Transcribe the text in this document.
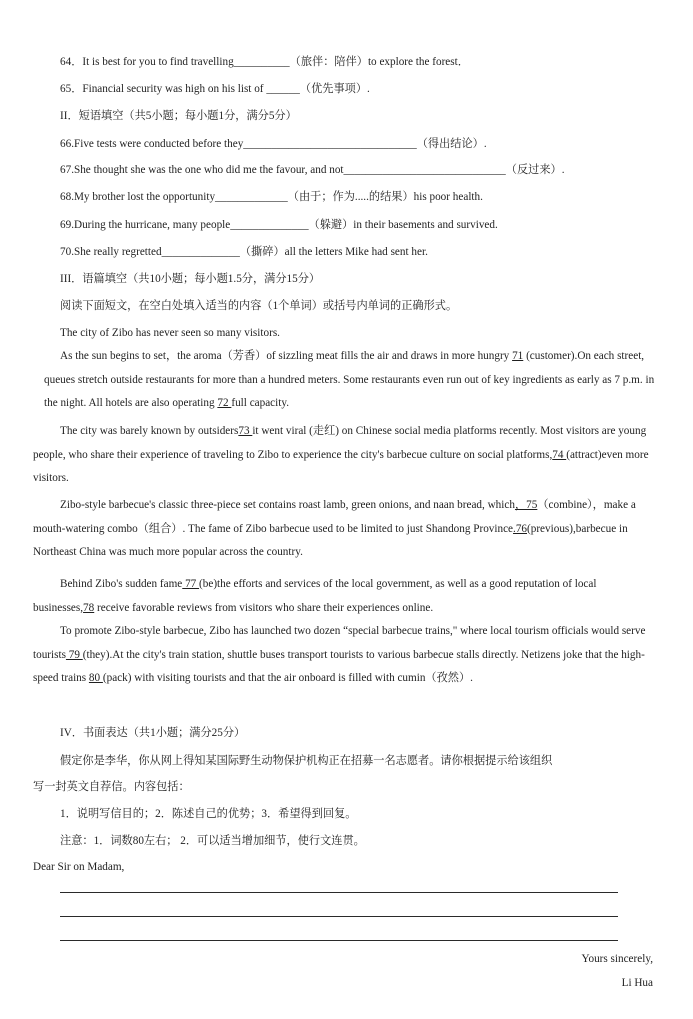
64．It is best for you to find travelling__________（旅伴：陪伴）to explore the forest．
65．Financial security was high on his list of ______（优先事项）.
II．短语填空（共5小题；每小题1分，满分5分）
66.Five tests were conducted before they_______________________________（得出结论）.
67.She thought she was the one who did me the favour, and not_____________________________（反过来）.
68.My brother lost the opportunity_____________（由于；作为.....的结果）his poor health.
69.During the hurricane, many people______________（躲避）in their basements and survived.
70.She really regretted______________（撕碎）all the letters Mike had sent her.
III．语篇填空（共10小题；每小题1.5分，满分15分）
阅读下面短文，在空白处填入适当的内容（1个单词）或括号内单词的正确形式。
The city of Zibo has never seen so many visitors.
As the sun begins to set，the aroma（芳香）of sizzling meat fills the air and draws in more hungry 71 (customer).On each street, queues stretch outside restaurants for more than a hundred meters. Some restaurants even run out of key ingredients as early as 7 p.m. in the night. All hotels are also operating 72 full capacity.
The city was barely known by outsiders73 it went viral (走红) on Chinese social media platforms recently. Most visitors are young people, who share their experience of traveling to Zibo to experience the city's barbecue culture on social platforms,74 (attract)even more visitors.
Zibo-style barbecue's classic three-piece set contains roast lamb, green onions, and naan bread, which，75（combine），make a mouth-watering combo（组合）. The fame of Zibo barbecue used to be limited to just Shandong Province.76(previous),barbecue in Northeast China was much more popular across the country.
Behind Zibo's sudden fame 77 (be)the efforts and services of the local government, as well as a good reputation of local businesses,78 receive favorable reviews from visitors who share their experiences online.
To promote Zibo-style barbecue, Zibo has launched two dozen “special barbecue trains," where local tourism officials would serve tourists 79 (they).At the city's train station, shuttle buses transport tourists to various barbecue stalls directly. Netizens joke that the high-speed trains 80 (pack) with visiting tourists and that the air onboard is filled with cumin（孜然）.
IV．书面表达（共1小题；满分25分）
假定你是李华，你从网上得知某国际野生动物保护机构正在招募一名志愿者。请你根据提示给该组织
写一封英文自荐信。内容包括：
1．说明写信目的；2．陈述自己的优势；3．希望得到回复。
注意：1．词数80左右； 2．可以适当增加细节，使行文连贯。
Dear Sir on Madam,
Yours sincerely,
Li Hua
